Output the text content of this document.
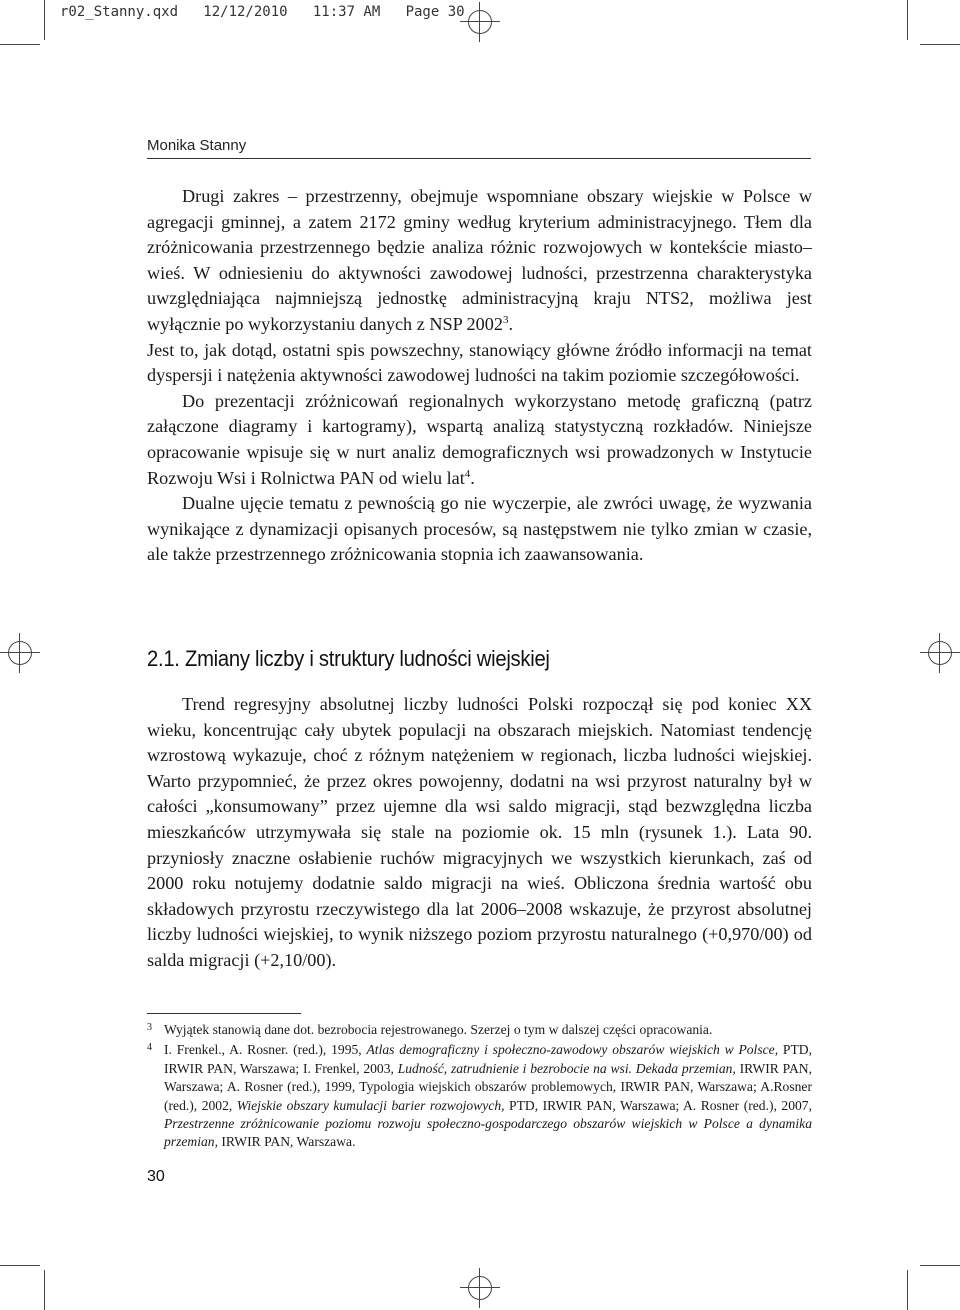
r02_Stanny.qxd   12/12/2010   11:37 AM   Page 30
Monika Stanny

Drugi zakres – przestrzenny, obejmuje wspomniane obszary wiejskie w Polsce w agregacji gminnej, a zatem 2172 gminy według kryterium administracyjnego. Tłem dla zróżnicowania przestrzennego będzie analiza różnic rozwojowych w kontekście miasto–wieś. W odniesieniu do aktywności zawodowej ludności, przestrzenna charakterystyka uwzględniająca najmniejszą jednostkę administracyjną kraju NTS2, możliwa jest wyłącznie po wykorzystaniu danych z NSP 2002$^3$.

Jest to, jak dotąd, ostatni spis powszechny, stanowiący główne źródło informacji na temat dyspersji i natężenia aktywności zawodowej ludności na takim poziomie szczegółowości.

Do prezentacji zróżnicowań regionalnych wykorzystano metodę graficzną (patrz załączone diagramy i kartogramy), wspartą analizą statystyczną rozkładów. Niniejsze opracowanie wpisuje się w nurt analiz demograficznych wsi prowadzonych w Instytucie Rozwoju Wsi i Rolnictwa PAN od wielu lat$^4$.

Dualne ujęcie tematu z pewnością go nie wyczerpie, ale zwróci uwagę, że wyzwania wynikające z dynamizacji opisanych procesów, są następstwem nie tylko zmian w czasie, ale także przestrzennego zróżnicowania stopnia ich zaawansowania.

2.1. Zmiany liczby i struktury ludności wiejskiej

Trend regresyjny absolutnej liczby ludności Polski rozpoczął się pod koniec XX wieku, koncentrując cały ubytek populacji na obszarach miejskich. Natomiast tendencję wzrostową wykazuje, choć z różnym natężeniem w regionach, liczba ludności wiejskiej. Warto przypomnieć, że przez okres powojenny, dodatni na wsi przyrost naturalny był w całości „konsumowany” przez ujemne dla wsi saldo migracji, stąd bezwzględna liczba mieszkańców utrzymywała się stale na poziomie ok. 15 mln (rysunek 1.). Lata 90. przyniosły znaczne osłabienie ruchów migracyjnych we wszystkich kierunkach, zaś od 2000 roku notujemy dodatnie saldo migracji na wieś. Obliczona średnia wartość obu składowych przyrostu rzeczywistego dla lat 2006–2008 wskazuje, że przyrost absolutnej liczby ludności wiejskiej, to wynik niższego poziom przyrostu naturalnego (+0,970/00) od salda migracji (+2,10/00).

3 Wyjątek stanowią dane dot. bezrobocia rejestrowanego. Szerzej o tym w dalszej części opracowania.

4 I. Frenkel., A. Rosner. (red.), 1995, Atlas demograficzny i społeczno-zawodowy obszarów wiejskich w Polsce, PTD, IRWIR PAN, Warszawa; I. Frenkel, 2003, Ludność, zatrudnienie i bezrobocie na wsi. Dekada przemian, IRWIR PAN, Warszawa; A. Rosner (red.), 1999, Typologia wiejskich obszarów problemowych, IRWIR PAN, Warszawa; A.Rosner (red.), 2002, Wiejskie obszary kumulacji barier rozwojowych, PTD, IRWIR PAN, Warszawa; A. Rosner (red.), 2007, Przestrzenne zróżnicowanie poziomu rozwoju społeczno-gospodarczego obszarów wiejskich w Polsce a dynamika przemian, IRWIR PAN, Warszawa.

30
